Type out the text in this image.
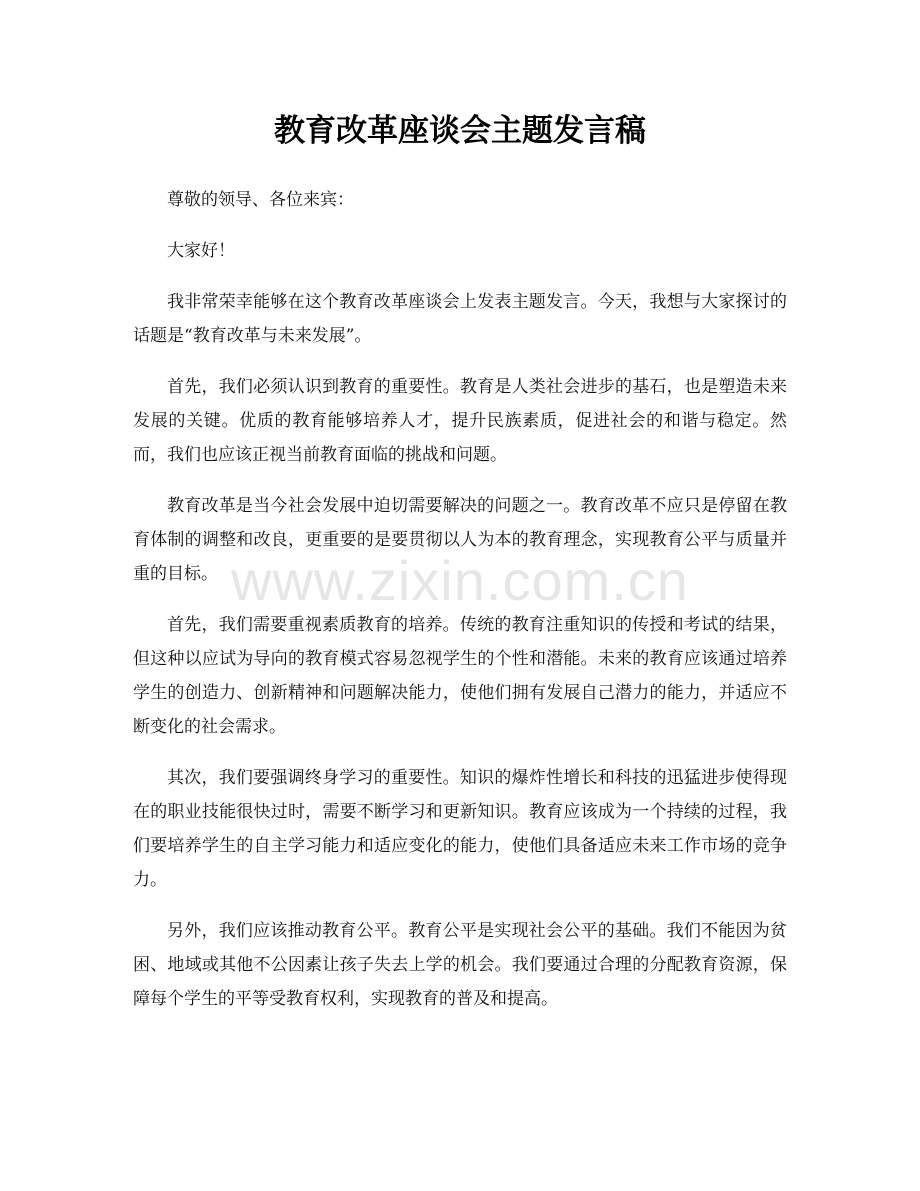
教育改革座谈会主题发言稿

尊敬的领导、各位来宾：

大家好！

我非常荣幸能够在这个教育改革座谈会上发表主题发言。今天，我想与大家探讨的话题是“教育改革与未来发展”。

首先，我们必须认识到教育的重要性。教育是人类社会进步的基石，也是塑造未来发展的关键。优质的教育能够培养人才，提升民族素质，促进社会的和谐与稳定。然而，我们也应该正视当前教育面临的挑战和问题。

教育改革是当今社会发展中迫切需要解决的问题之一。教育改革不应只是停留在教育体制的调整和改良，更重要的是要贯彻以人为本的教育理念，实现教育公平与质量并重的目标。

首先，我们需要重视素质教育的培养。传统的教育注重知识的传授和考试的结果，但这种以应试为导向的教育模式容易忽视学生的个性和潜能。未来的教育应该通过培养学生的创造力、创新精神和问题解决能力，使他们拥有发展自己潜力的能力，并适应不断变化的社会需求。

其次，我们要强调终身学习的重要性。知识的爆炸性增长和科技的迅猛进步使得现在的职业技能很快过时，需要不断学习和更新知识。教育应该成为一个持续的过程，我们要培养学生的自主学习能力和适应变化的能力，使他们具备适应未来工作市场的竞争力。

另外，我们应该推动教育公平。教育公平是实现社会公平的基础。我们不能因为贫困、地域或其他不公因素让孩子失去上学的机会。我们要通过合理的分配教育资源，保障每个学生的平等受教育权利，实现教育的普及和提高。

www.zixin.com.cn
